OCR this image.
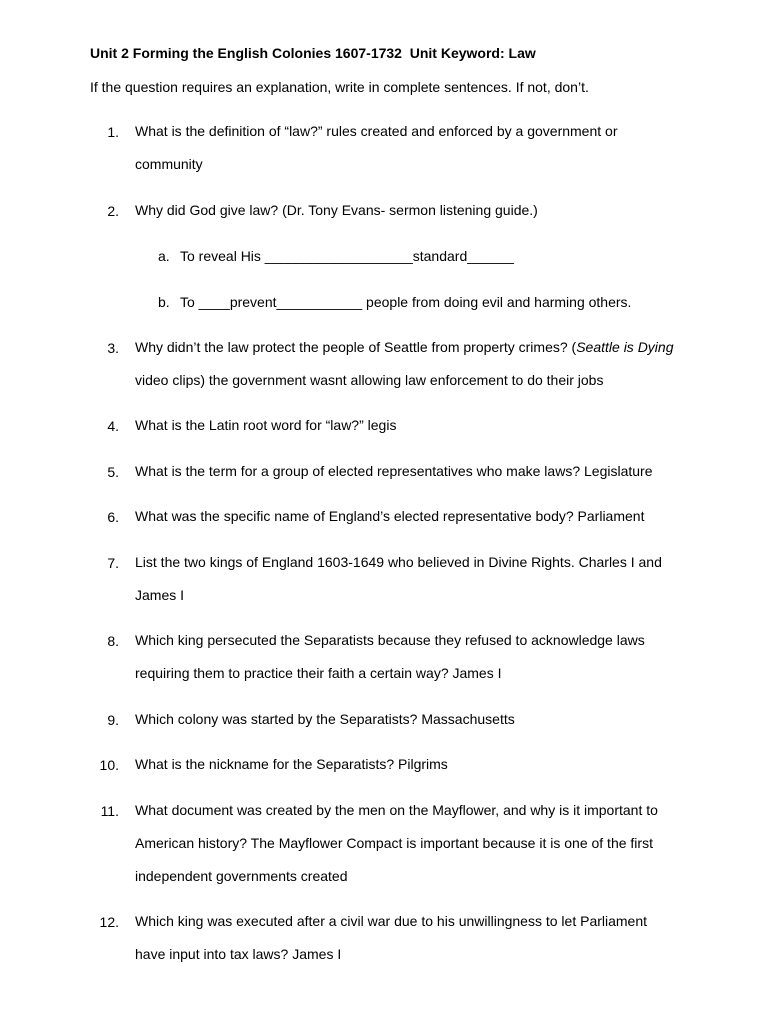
Unit 2 Forming the English Colonies 1607-1732  Unit Keyword: Law
If the question requires an explanation, write in complete sentences. If not, don’t.
1. What is the definition of “law?” rules created and enforced by a government or community
2. Why did God give law? (Dr. Tony Evans- sermon listening guide.)
a. To reveal His ___________________standard______
b. To ____prevent___________ people from doing evil and harming others.
3. Why didn’t the law protect the people of Seattle from property crimes? (Seattle is Dying video clips) the government wasnt allowing law enforcement to do their jobs
4. What is the Latin root word for “law?” legis
5. What is the term for a group of elected representatives who make laws? Legislature
6. What was the specific name of England’s elected representative body? Parliament
7. List the two kings of England 1603-1649 who believed in Divine Rights. Charles I and James I
8. Which king persecuted the Separatists because they refused to acknowledge laws requiring them to practice their faith a certain way? James I
9. Which colony was started by the Separatists? Massachusetts
10. What is the nickname for the Separatists? Pilgrims
11. What document was created by the men on the Mayflower, and why is it important to American history? The Mayflower Compact is important because it is one of the first independent governments created
12. Which king was executed after a civil war due to his unwillingness to let Parliament have input into tax laws? James I
